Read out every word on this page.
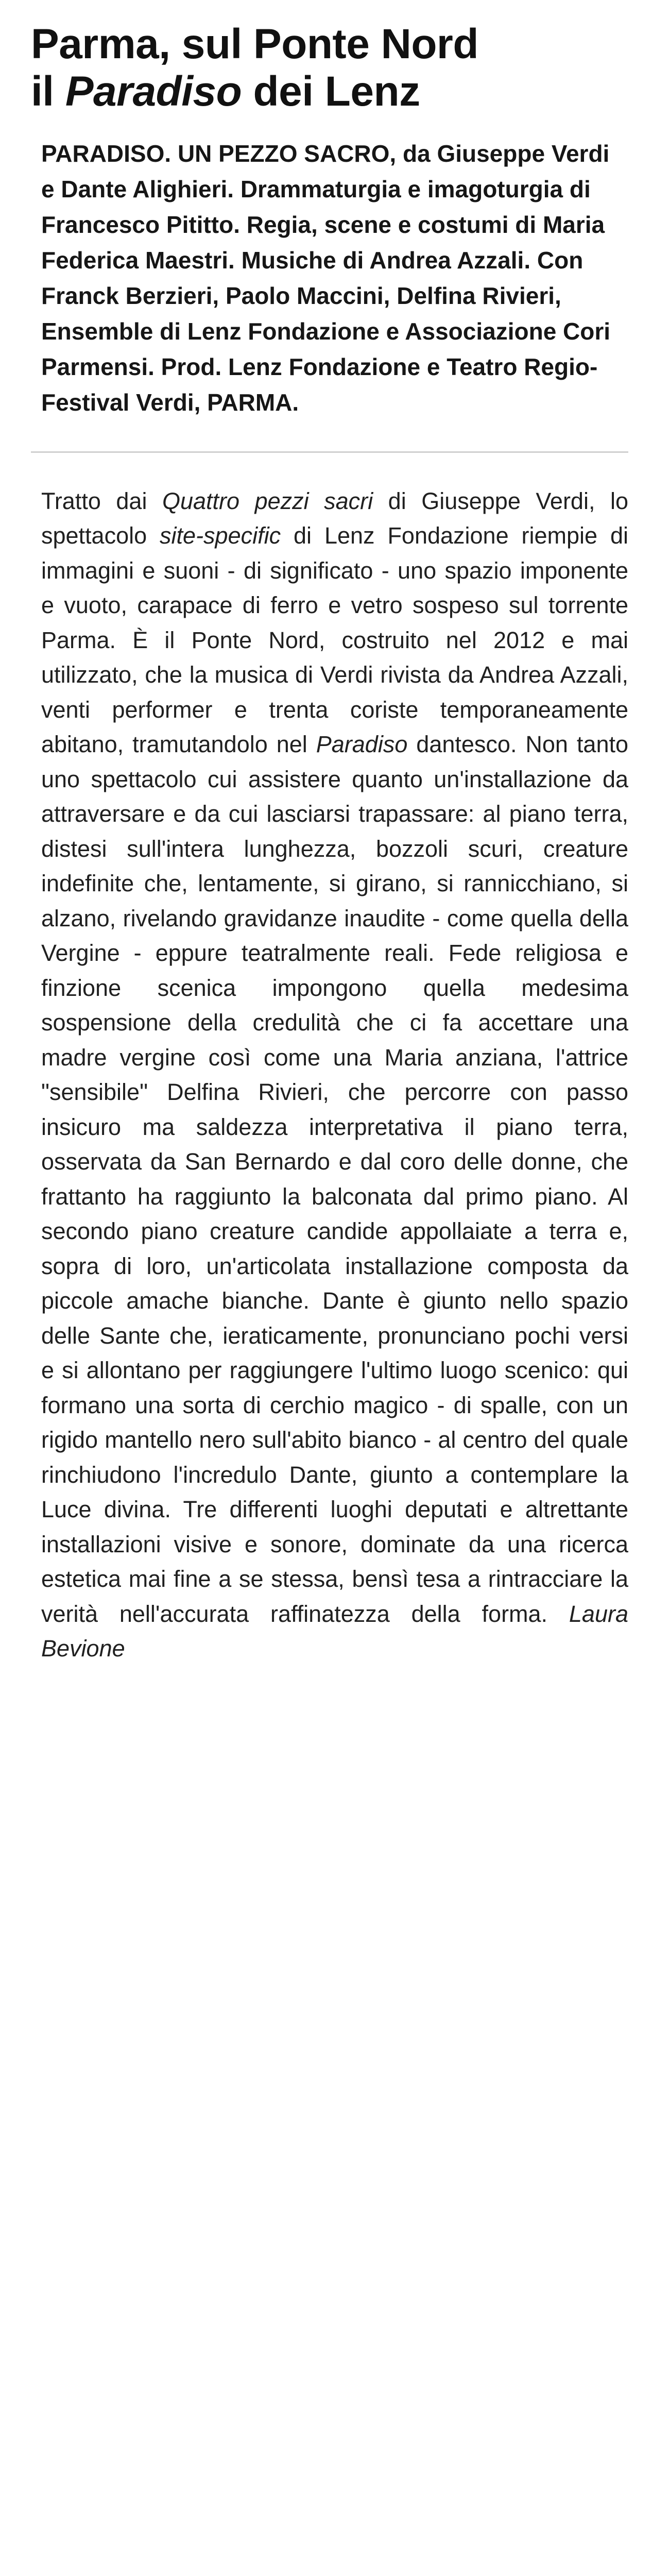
Parma, sul Ponte Nord
il Paradiso dei Lenz

PARADISO. UN PEZZO SACRO, da Giuseppe Verdi e Dante Alighieri. Drammaturgia e imagoturgia di Francesco Pititto. Regia, scene e costumi di Maria Federica Maestri. Musiche di Andrea Azzali. Con Franck Berzieri, Paolo Maccini, Delfina Rivieri, Ensemble di Lenz Fondazione e Associazione Cori Parmensi. Prod. Lenz Fondazione e Teatro Regio-Festival Verdi, PARMA.

Tratto dai Quattro pezzi sacri di Giuseppe Verdi, lo spettacolo site-specific di Lenz Fondazione riempie di immagini e suoni - di significato - uno spazio imponente e vuoto, carapace di ferro e vetro sospeso sul torrente Parma. È il Ponte Nord, costruito nel 2012 e mai utilizzato, che la musica di Verdi rivista da Andrea Azzali, venti performer e trenta coriste temporaneamente abitano, tramutandolo nel Paradiso dantesco. Non tanto uno spettacolo cui assistere quanto un'installazione da attraversare e da cui lasciarsi trapassare: al piano terra, distesi sull'intera lunghezza, bozzoli scuri, creature indefinite che, lentamente, si girano, si rannicchiano, si alzano, rivelando gravidanze inaudite - come quella della Vergine - eppure teatralmente reali. Fede religiosa e finzione scenica impongono quella medesima sospensione della credulità che ci fa accettare una madre vergine così come una Maria anziana, l'attrice "sensibile" Delfina Rivieri, che percorre con passo insicuro ma saldezza interpretativa il piano terra, osservata da San Bernardo e dal coro delle donne, che frattanto ha raggiunto la balconata dal primo piano. Al secondo piano creature candide appollaiate a terra e, sopra di loro, un'articolata installazione composta da piccole amache bianche. Dante è giunto nello spazio delle Sante che, ieraticamente, pronunciano pochi versi e si allontano per raggiungere l'ultimo luogo scenico: qui formano una sorta di cerchio magico - di spalle, con un rigido mantello nero sull'abito bianco - al centro del quale rinchiudono l'incredulo Dante, giunto a contemplare la Luce divina. Tre differenti luoghi deputati e altrettante installazioni visive e sonore, dominate da una ricerca estetica mai fine a se stessa, bensì tesa a rintracciare la verità nell'accurata raffinatezza della forma. Laura Bevione
